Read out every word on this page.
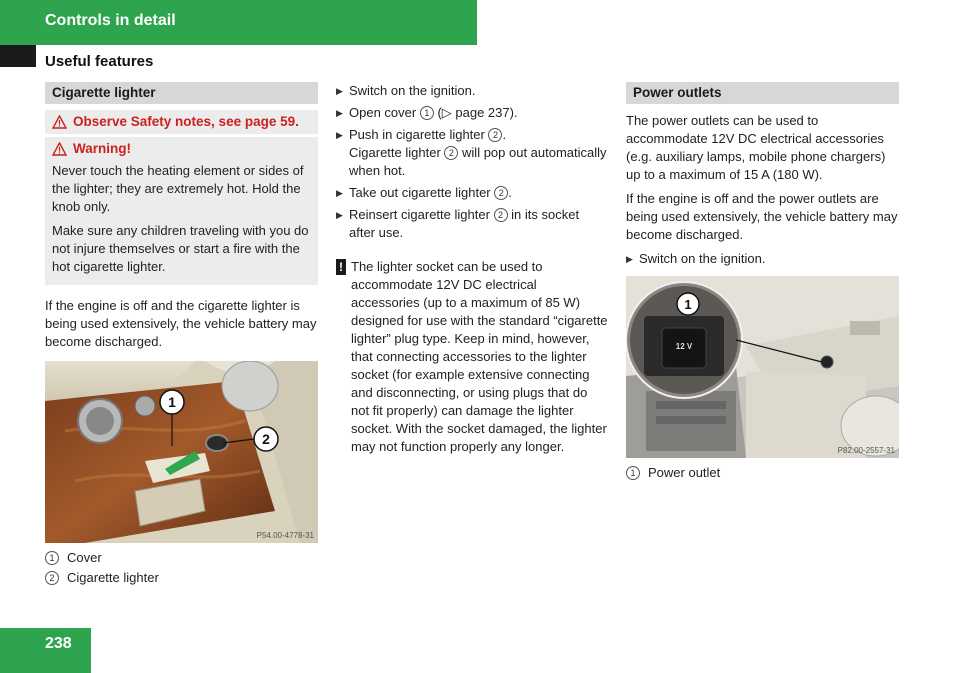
Controls in detail
Useful features
Cigarette lighter
Observe Safety notes, see page 59.
Warning!

Never touch the heating element or sides of the lighter; they are extremely hot. Hold the knob only.

Make sure any children traveling with you do not injure themselves or start a fire with the hot cigarette lighter.

If the engine is off and the cigarette lighter is being used extensively, the vehicle battery may become discharged.

1
2
P54.00-4778-31
1 Cover
2 Cigarette lighter
▶ Switch on the ignition.
▶ Open cover 1 (▷ page 237).
▶ Push in cigarette lighter 2 .
Cigarette lighter 2 will pop out automatically when hot.
▶ Take out cigarette lighter 2 .
▶ Reinsert cigarette lighter 2 in its socket after use.
! The lighter socket can be used to accommodate 12V DC electrical accessories (up to a maximum of 85 W) designed for use with the standard “cigarette lighter” plug type. Keep in mind, however, that connecting accessories to the lighter socket (for example extensive connecting and disconnecting, or using plugs that do not fit properly) can damage the lighter socket. With the socket damaged, the lighter may not function properly any longer.
Power outlets

The power outlets can be used to accommodate 12V DC electrical accessories (e.g. auxiliary lamps, mobile phone chargers) up to a maximum of 15 A (180 W).

If the engine is off and the power outlets are being used extensively, the vehicle battery may become discharged.

▶ Switch on the ignition.
12 V
1
P82.00-2557-31
1 Power outlet
238
